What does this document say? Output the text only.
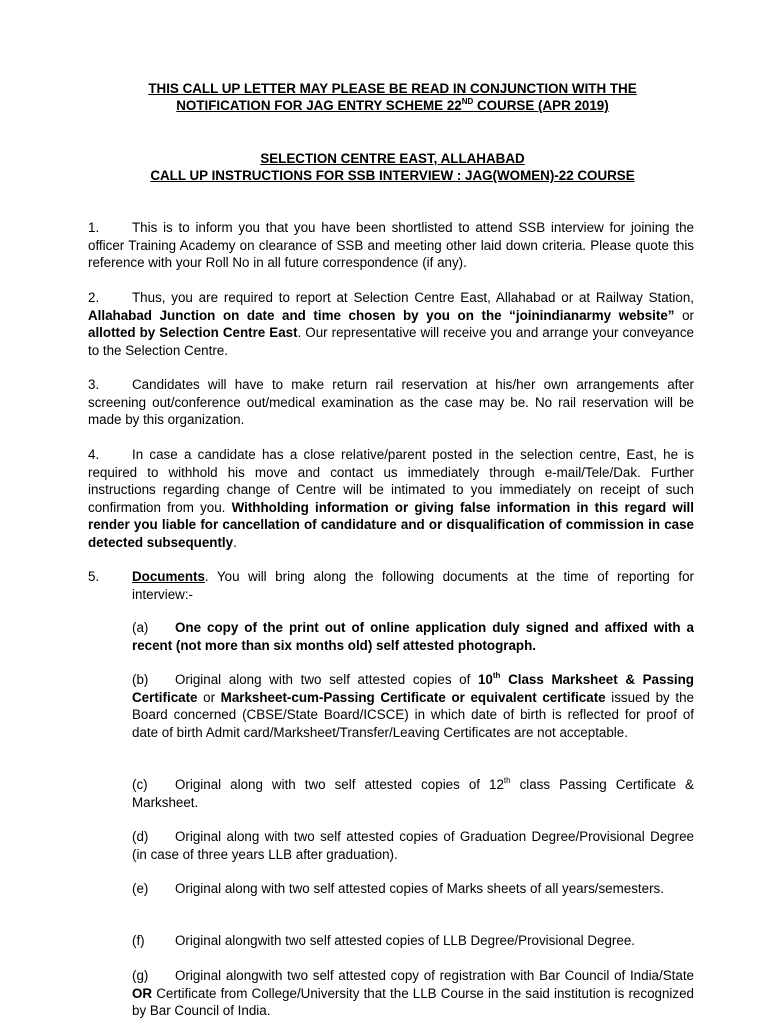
THIS CALL UP LETTER MAY PLEASE BE READ IN CONJUNCTION WITH THE
NOTIFICATION FOR JAG ENTRY SCHEME 22ND COURSE (APR 2019)
SELECTION CENTRE EAST, ALLAHABAD
CALL UP INSTRUCTIONS FOR SSB INTERVIEW : JAG(WOMEN)-22 COURSE
1. This is to inform you that you have been shortlisted to attend SSB interview for joining the officer Training Academy on clearance of SSB and meeting other laid down criteria. Please quote this reference with your Roll No in all future correspondence (if any).
2. Thus, you are required to report at Selection Centre East, Allahabad or at Railway Station, Allahabad Junction on date and time chosen by you on the “joinindianarmy website” or allotted by Selection Centre East. Our representative will receive you and arrange your conveyance to the Selection Centre.
3. Candidates will have to make return rail reservation at his/her own arrangements after screening out/conference out/medical examination as the case may be. No rail reservation will be made by this organization.
4. In case a candidate has a close relative/parent posted in the selection centre, East, he is required to withhold his move and contact us immediately through e-mail/Tele/Dak. Further instructions regarding change of Centre will be intimated to you immediately on receipt of such confirmation from you. Withholding information or giving false information in this regard will render you liable for cancellation of candidature and or disqualification of commission in case detected subsequently.
5. Documents. You will bring along the following documents at the time of reporting for interview:-
(a) One copy of the print out of online application duly signed and affixed with a recent (not more than six months old) self attested photograph.
(b) Original along with two self attested copies of 10th Class Marksheet & Passing Certificate or Marksheet-cum-Passing Certificate or equivalent certificate issued by the Board concerned (CBSE/State Board/ICSCE) in which date of birth is reflected for proof of date of birth Admit card/Marksheet/Transfer/Leaving Certificates are not acceptable.
(c) Original along with two self attested copies of 12th class Passing Certificate & Marksheet.
(d) Original along with two self attested copies of Graduation Degree/Provisional Degree (in case of three years LLB after graduation).
(e) Original along with two self attested copies of Marks sheets of all years/semesters.
(f) Original alongwith two self attested copies of LLB Degree/Provisional Degree.
(g) Original alongwith two self attested copy of registration with Bar Council of India/State OR Certificate from College/University that the LLB Course in the said institution is recognized by Bar Council of India.
